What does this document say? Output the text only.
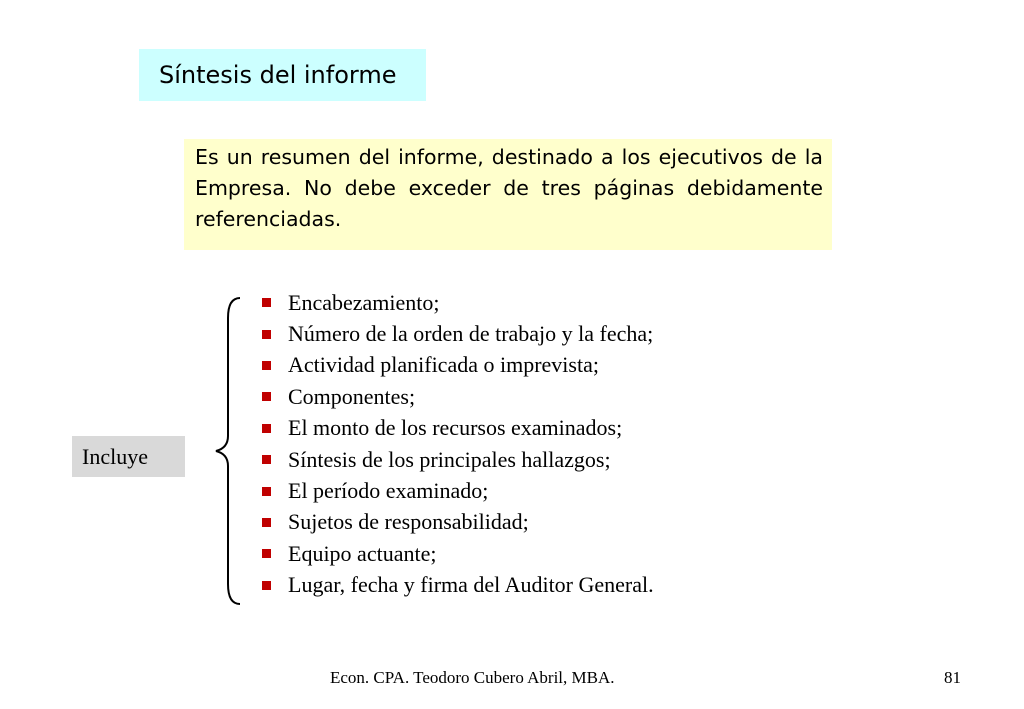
Síntesis del informe
Es un resumen del informe, destinado a los ejecutivos de la Empresa. No debe exceder de tres páginas debidamente referenciadas.
Incluye
Encabezamiento;
Número de la orden de trabajo y la fecha;
Actividad planificada o imprevista;
Componentes;
El monto de los recursos examinados;
Síntesis de los principales hallazgos;
El período examinado;
Sujetos de responsabilidad;
Equipo actuante;
Lugar, fecha y firma del Auditor General.
Econ. CPA. Teodoro Cubero Abril, MBA.	81
